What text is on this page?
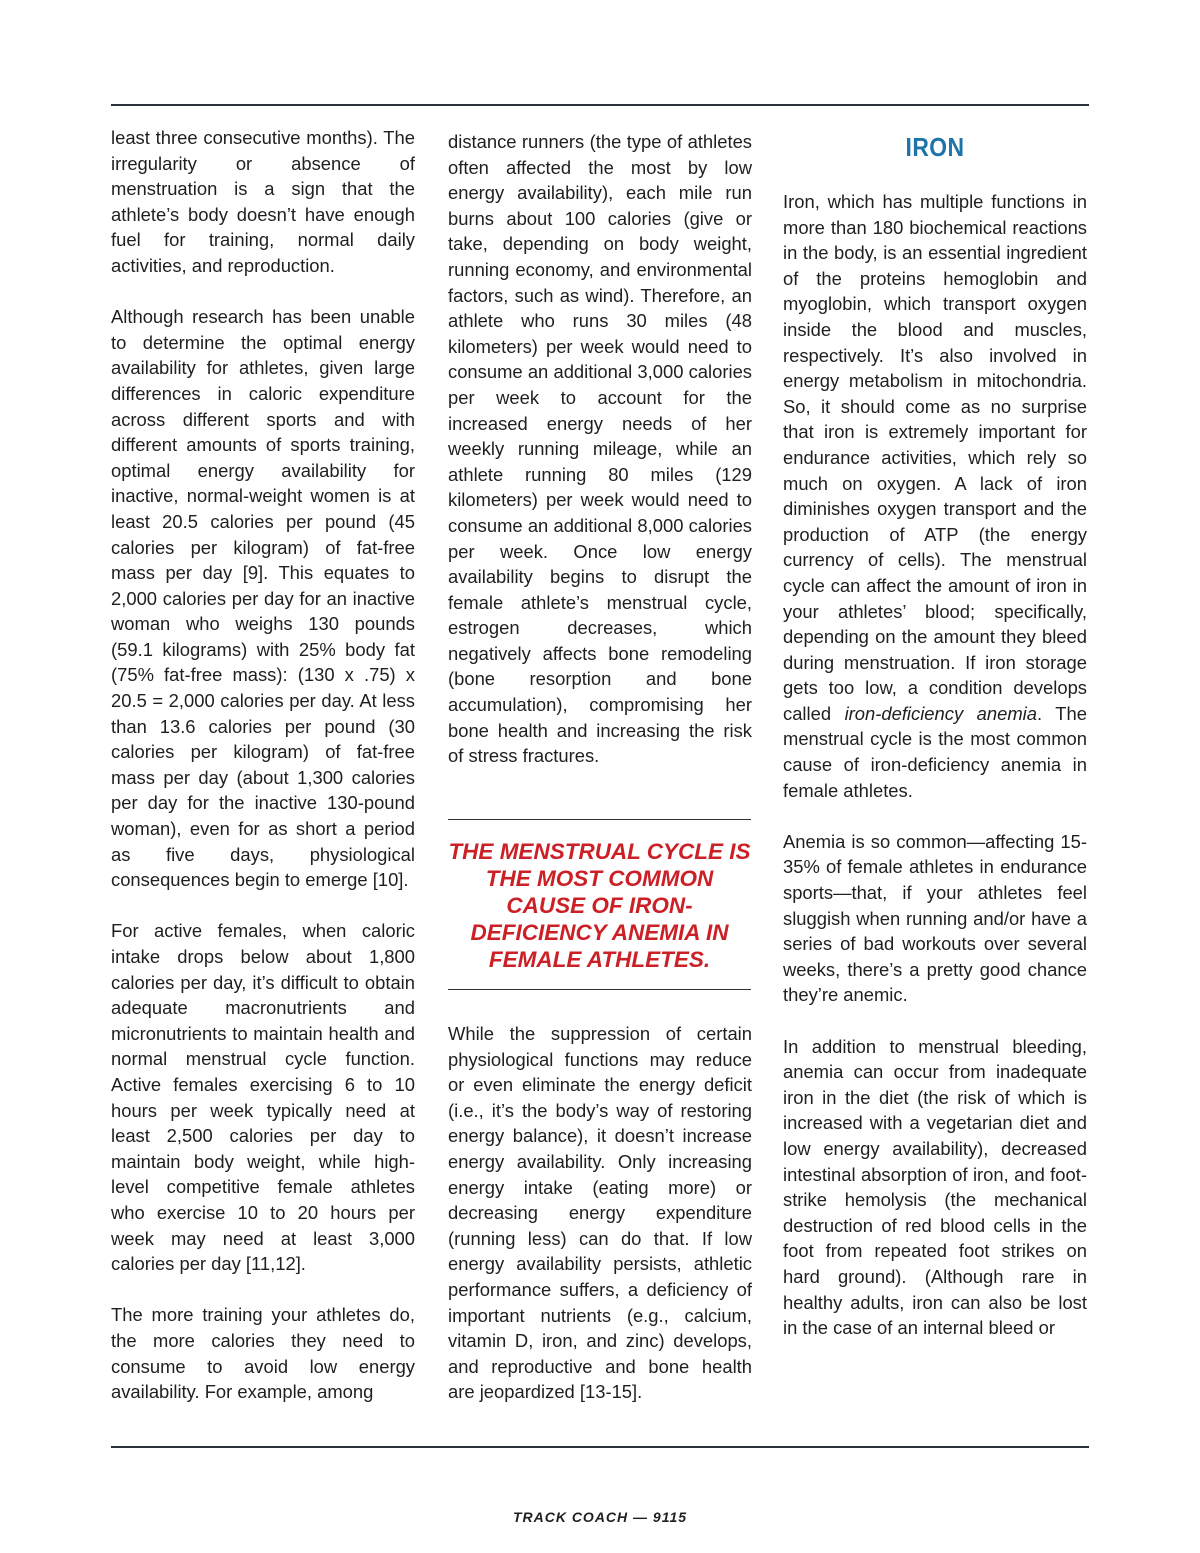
least three consecutive months). The irregularity or absence of menstruation is a sign that the athlete’s body doesn’t have enough fuel for training, normal daily activities, and reproduction.

Although research has been unable to determine the optimal energy availability for athletes, given large differences in caloric expenditure across different sports and with different amounts of sports training, optimal energy availability for inactive, normal-weight women is at least 20.5 calories per pound (45 calories per kilogram) of fat-free mass per day [9]. This equates to 2,000 calories per day for an inactive woman who weighs 130 pounds (59.1 kilograms) with 25% body fat (75% fat-free mass): (130 x .75) x 20.5 = 2,000 calories per day. At less than 13.6 calories per pound (30 calories per kilogram) of fat-free mass per day (about 1,300 calories per day for the inactive 130-pound woman), even for as short a period as five days, physiological consequences begin to emerge [10].

For active females, when caloric intake drops below about 1,800 calories per day, it’s difficult to obtain adequate macronutrients and micronutrients to maintain health and normal menstrual cycle function. Active females exercising 6 to 10 hours per week typically need at least 2,500 calories per day to maintain body weight, while high-level competitive female athletes who exercise 10 to 20 hours per week may need at least 3,000 calories per day [11,12].

The more training your athletes do, the more calories they need to consume to avoid low energy availability. For example, among

distance runners (the type of athletes often affected the most by low energy availability), each mile run burns about 100 calories (give or take, depending on body weight, running economy, and environmental factors, such as wind). Therefore, an athlete who runs 30 miles (48 kilometers) per week would need to consume an additional 3,000 calories per week to account for the increased energy needs of her weekly running mileage, while an athlete running 80 miles (129 kilometers) per week would need to consume an additional 8,000 calories per week. Once low energy availability begins to disrupt the female athlete’s menstrual cycle, estrogen decreases, which negatively affects bone remodeling (bone resorption and bone accumulation), compromising her bone health and increasing the risk of stress fractures.

THE MENSTRUAL CYCLE IS THE MOST COMMON CAUSE OF IRON-DEFICIENCY ANEMIA IN FEMALE ATHLETES.

While the suppression of certain physiological functions may reduce or even eliminate the energy deficit (i.e., it’s the body’s way of restoring energy balance), it doesn’t increase energy availability. Only increasing energy intake (eating more) or decreasing energy expenditure (running less) can do that. If low energy availability persists, athletic performance suffers, a deficiency of important nutrients (e.g., calcium, vitamin D, iron, and zinc) develops, and reproductive and bone health are jeopardized [13-15].

IRON

Iron, which has multiple functions in more than 180 biochemical reactions in the body, is an essential ingredient of the proteins hemoglobin and myoglobin, which transport oxygen inside the blood and muscles, respectively. It’s also involved in energy metabolism in mitochondria. So, it should come as no surprise that iron is extremely important for endurance activities, which rely so much on oxygen. A lack of iron diminishes oxygen transport and the production of ATP (the energy currency of cells). The menstrual cycle can affect the amount of iron in your athletes’ blood; specifically, depending on the amount they bleed during menstruation. If iron storage gets too low, a condition develops called iron-deficiency anemia. The menstrual cycle is the most common cause of iron-deficiency anemia in female athletes.

Anemia is so common—affecting 15-35% of female athletes in endurance sports—that, if your athletes feel sluggish when running and/or have a series of bad workouts over several weeks, there’s a pretty good chance they’re anemic.

In addition to menstrual bleeding, anemia can occur from inadequate iron in the diet (the risk of which is increased with a vegetarian diet and low energy availability), decreased intestinal absorption of iron, and foot-strike hemolysis (the mechanical destruction of red blood cells in the foot from repeated foot strikes on hard ground). (Although rare in healthy adults, iron can also be lost in the case of an internal bleed or

TRACK COACH — 9115
